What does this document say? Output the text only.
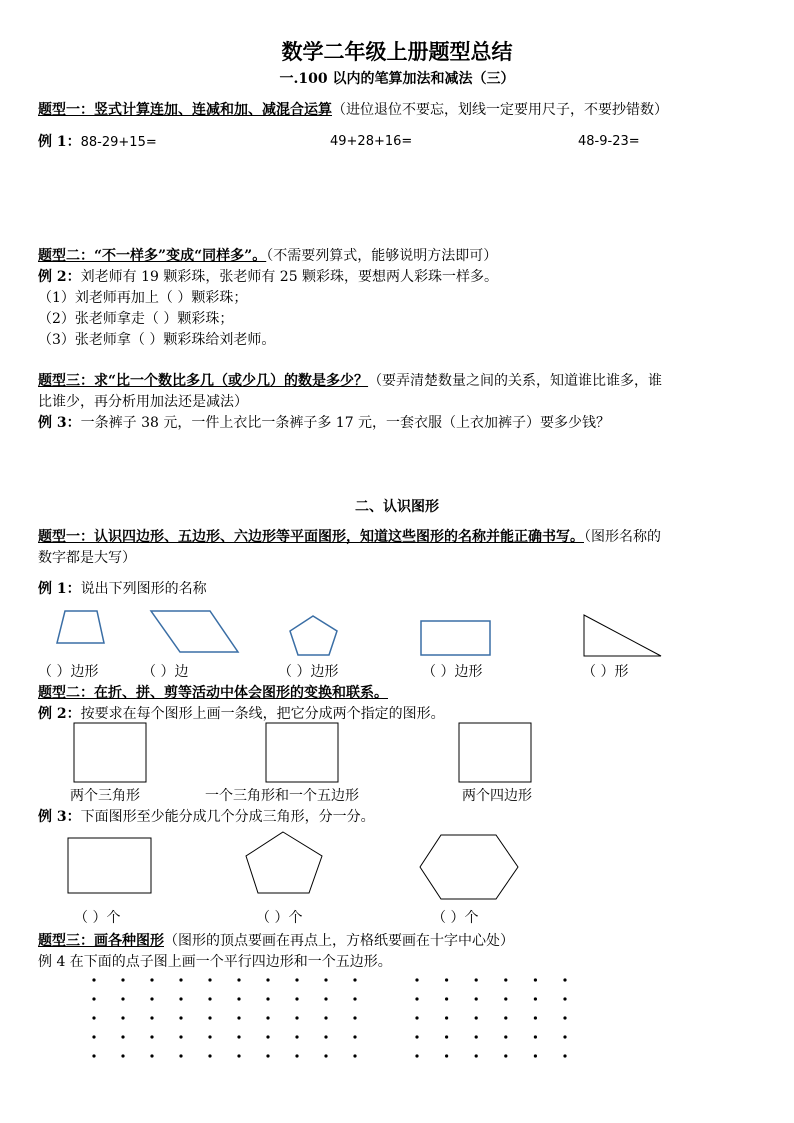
数学二年级上册题型总结
一.100 以内的笔算加法和减法（三）
题型一：竖式计算连加、连减和加、减混合运算（进位退位不要忘，划线一定要用尺子，不要抄错数）
例 1：88-29+15=	49+28+16=	48-9-23=
题型二：“不一样多”变成“同样多”。（不需要列算式，能够说明方法即可）
例 2：刘老师有 19 颗彩珠，张老师有 25 颗彩珠，要想两人彩珠一样多。
（1）刘老师再加上（ ）颗彩珠；
（2）张老师拿走（ ）颗彩珠；
（3）张老师拿（ ）颗彩珠给刘老师。
题型三：求“比一个数比多几（或少几）的数是多少？（要弄清楚数量之间的关系，知道谁比谁多，谁
比谁少，再分析用加法还是减法）
例 3：一条裤子 38 元，一件上衣比一条裤子多 17 元，一套衣服（上衣加裤子）要多少钱？
二、认识图形
题型一：认识四边形、五边形、六边形等平面图形，知道这些图形的名称并能正确书写。（图形名称的
数字都是大写）
例 1：说出下列图形的名称
（ ）边形	（ ）边	（ ）边形	（ ）边形	（ ）形
题型二：在折、拼、剪等活动中体会图形的变换和联系。
例 2：按要求在每个图形上画一条线，把它分成两个指定的图形。
两个三角形	一个三角形和一个五边形	两个四边形
例 3：下面图形至少能分成几个分成三角形，分一分。
（ ）个	（ ）个	（ ）个
题型三：画各种图形（图形的顶点要画在再点上，方格纸要画在十字中心处）
例 4 在下面的点子图上画一个平行四边形和一个五边形。
